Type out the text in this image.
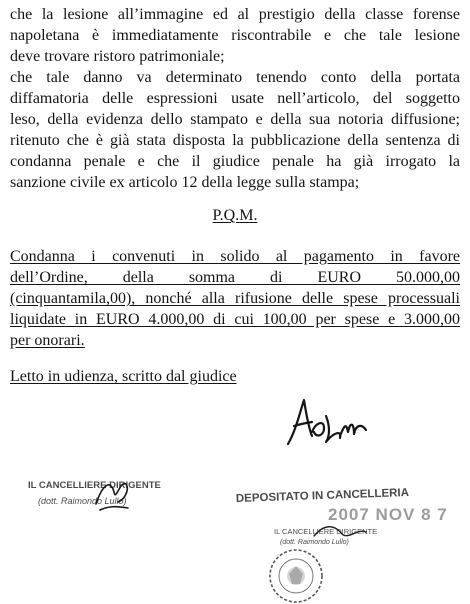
che la lesione all’immagine ed al prestigio della classe forense
napoletana è immediatamente riscontrabile e che tale lesione
deve trovare ristoro patrimoniale;
che tale danno va determinato tenendo conto della portata
diffamatoria delle espressioni usate nell’articolo, del soggetto
leso, della evidenza dello stampato e della sua notoria diffusione;
ritenuto che è già stata disposta la pubblicazione della sentenza di
condanna penale e che il giudice penale ha già irrogato la
sanzione civile ex articolo 12 della legge sulla stampa;
P.Q.M.
Condanna i convenuti in solido al pagamento in favore
dell’Ordine, della somma di EURO 50.000,00
(cinquantamila,00), nonché alla rifusione delle spese processuali
liquidate in EURO 4.000,00 di cui 100,00 per spese e 3.000,00
per onorari.
Letto in udienza, scritto dal giudice
IL CANCELLIERE DIRIGENTE
(dott. Raimondo Lullo)	DEPOSITATO IN CANCELLERIA
2007 NOV 8 7
IL CANCELLIERE DIRIGENTE
(dott. Raimondo Lullo)
